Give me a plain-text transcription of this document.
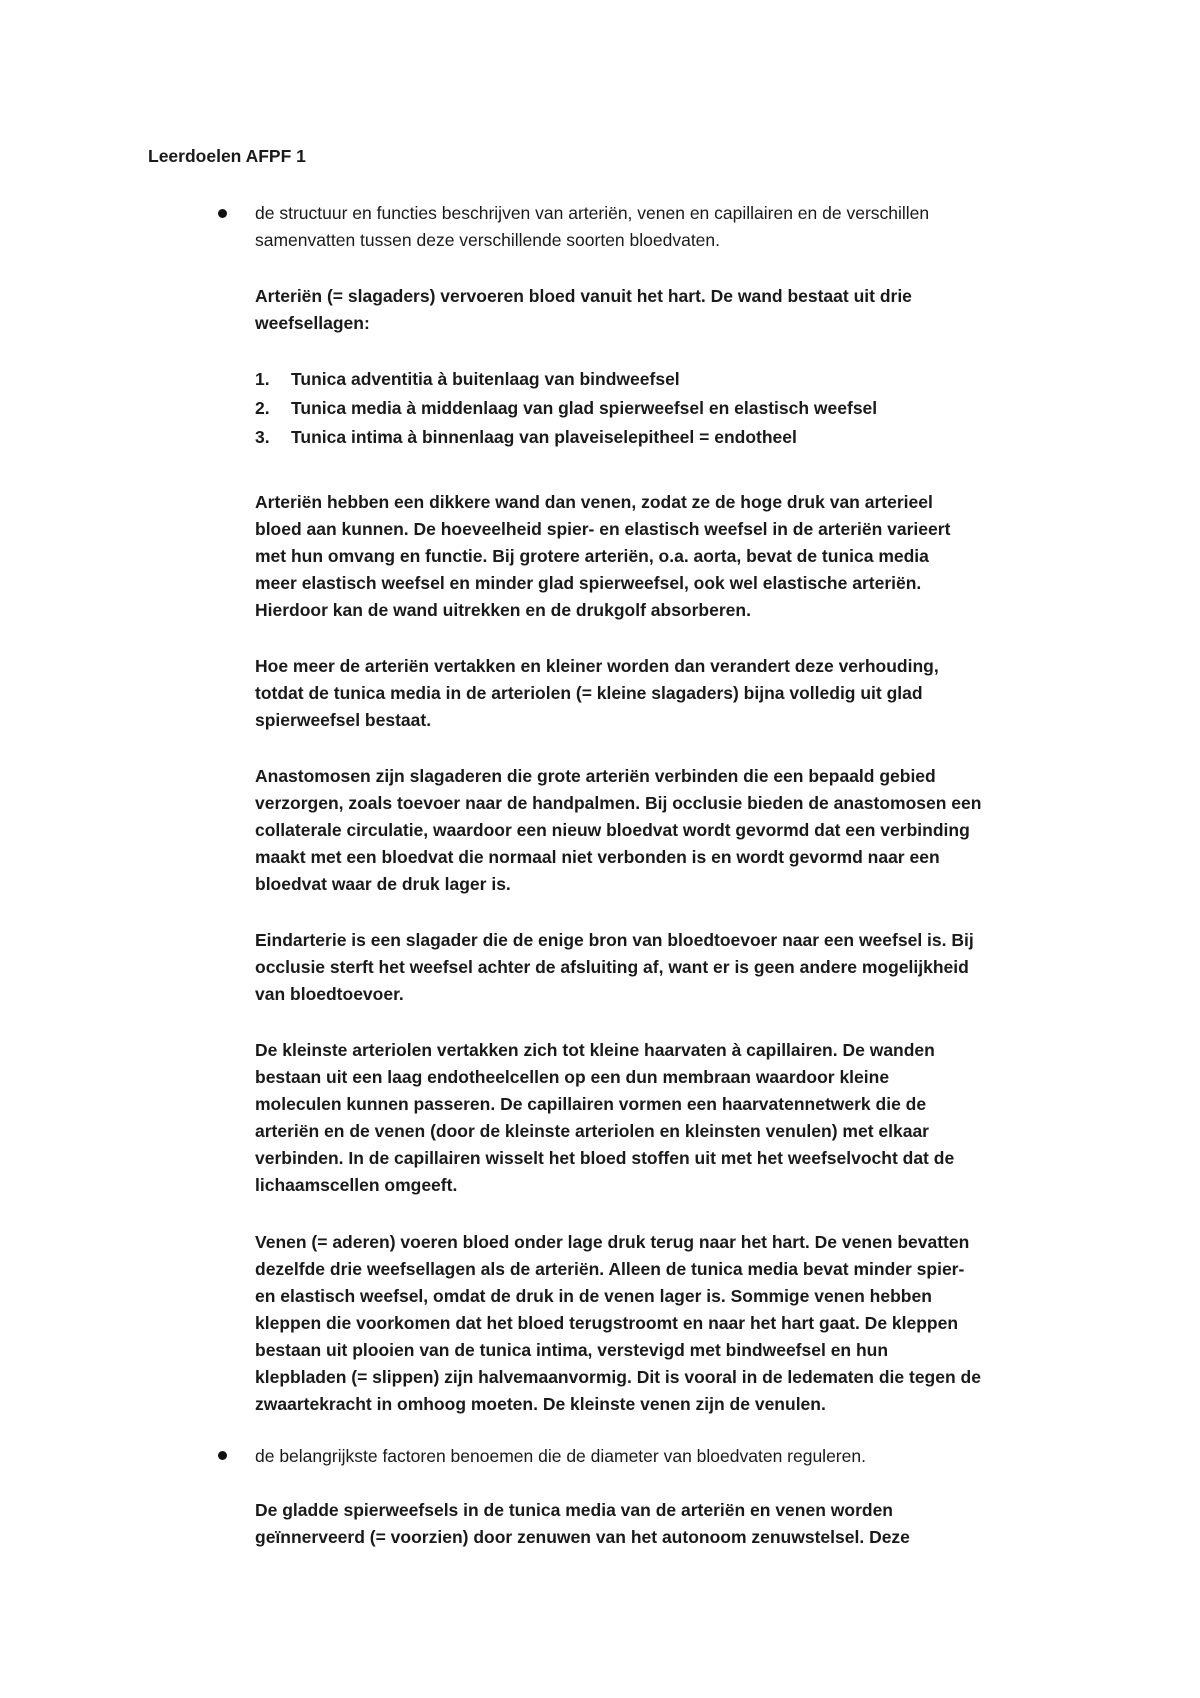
Leerdoelen AFPF 1

de structuur en functies beschrijven van arteriën, venen en capillairen en de verschillen

samenvatten tussen deze verschillende soorten bloedvaten.

Arteriën (= slagaders) vervoeren bloed vanuit het hart. De wand bestaat uit drie

weefsellagen:

1.	Tunica adventitia à buitenlaag van bindweefsel
2.	Tunica media à middenlaag van glad spierweefsel en elastisch weefsel
3.	Tunica intima à binnenlaag van plaveiselepitheel = endotheel

Arteriën hebben een dikkere wand dan venen, zodat ze de hoge druk van arterieel

bloed aan kunnen. De hoeveelheid spier- en elastisch weefsel in de arteriën varieert

met hun omvang en functie. Bij grotere arteriën, o.a. aorta, bevat de tunica media

meer elastisch weefsel en minder glad spierweefsel, ook wel elastische arteriën.

Hierdoor kan de wand uitrekken en de drukgolf absorberen.

Hoe meer de arteriën vertakken en kleiner worden dan verandert deze verhouding,

totdat de tunica media in de arteriolen (= kleine slagaders) bijna volledig uit glad

spierweefsel bestaat.

Anastomosen zijn slagaderen die grote arteriën verbinden die een bepaald gebied

verzorgen, zoals toevoer naar de handpalmen. Bij occlusie bieden de anastomosen een

collaterale circulatie, waardoor een nieuw bloedvat wordt gevormd dat een verbinding

maakt met een bloedvat die normaal niet verbonden is en wordt gevormd naar een

bloedvat waar de druk lager is.

Eindarterie is een slagader die de enige bron van bloedtoevoer naar een weefsel is. Bij

occlusie sterft het weefsel achter de afsluiting af, want er is geen andere mogelijkheid

van bloedtoevoer.

De kleinste arteriolen vertakken zich tot kleine haarvaten à capillairen. De wanden

bestaan uit een laag endotheelcellen op een dun membraan waardoor kleine

moleculen kunnen passeren. De capillairen vormen een haarvatennetwerk die de

arteriën en de venen (door de kleinste arteriolen en kleinsten venulen) met elkaar

verbinden. In de capillairen wisselt het bloed stoffen uit met het weefselvocht dat de

lichaamscellen omgeeft.

Venen (= aderen) voeren bloed onder lage druk terug naar het hart. De venen bevatten

dezelfde drie weefsellagen als de arteriën. Alleen de tunica media bevat minder spier-

en elastisch weefsel, omdat de druk in de venen lager is. Sommige venen hebben

kleppen die voorkomen dat het bloed terugstroomt en naar het hart gaat. De kleppen

bestaan uit plooien van de tunica intima, verstevigd met bindweefsel en hun

klepbladen (= slippen) zijn halvemaanvormig. Dit is vooral in de ledematen die tegen de

zwaartekracht in omhoog moeten. De kleinste venen zijn de venulen.

de belangrijkste factoren benoemen die de diameter van bloedvaten reguleren.

De gladde spierweefsels in de tunica media van de arteriën en venen worden

geïnnerveerd (= voorzien) door zenuwen van het autonoom zenuwstelsel. Deze
